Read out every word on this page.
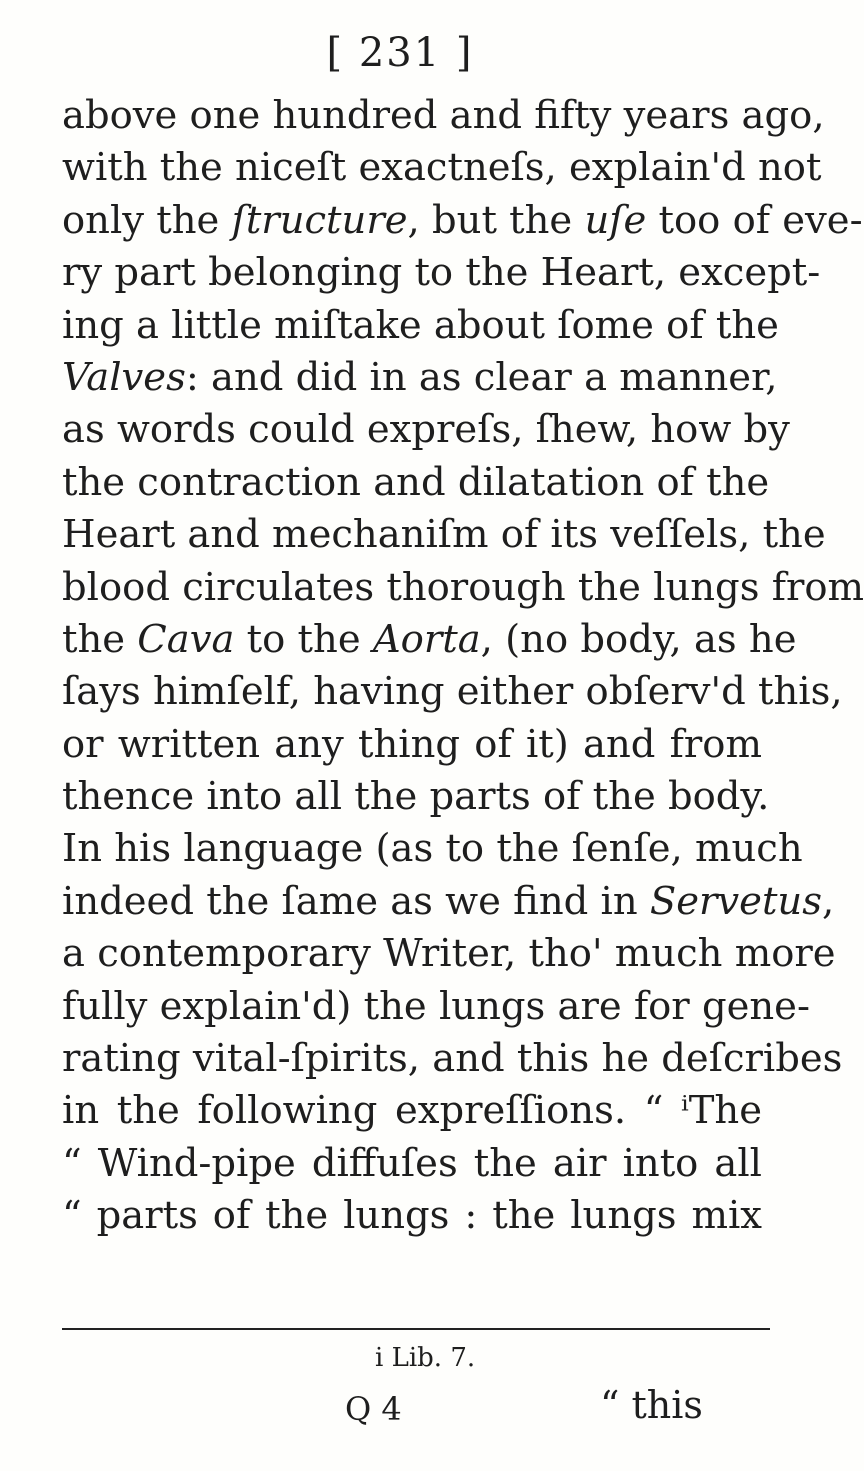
[ 231 ]
above one hundred and fifty years ago,
with the niceſt exactneſs, explain'd not
only the ſtructure, but the uſe too of eve-
ry part belonging to the Heart, except-
ing a little miſtake about ſome of the
Valves: and did in as clear a manner,
as words could expreſs, ſhew, how by
the contraction and dilatation of the
Heart and mechaniſm of its veſſels, the
blood circulates thorough the lungs from
the Cava to the Aorta, (no body, as he
ſays himſelf, having either obſerv'd this,
or written any thing of it) and from
thence into all the parts of the body.
In his language (as to the ſenſe, much
indeed the ſame as we find in Servetus,
a contemporary Writer, tho' much more
fully explain'd) the lungs are for gene-
rating vital-ſpirits, and this he deſcribes
in the following expreſſions. “ ⁱThe
“ Wind-pipe diffuſes the air into all
“ parts of the lungs : the lungs mix
i Lib. 7.
Q 4	“ this
